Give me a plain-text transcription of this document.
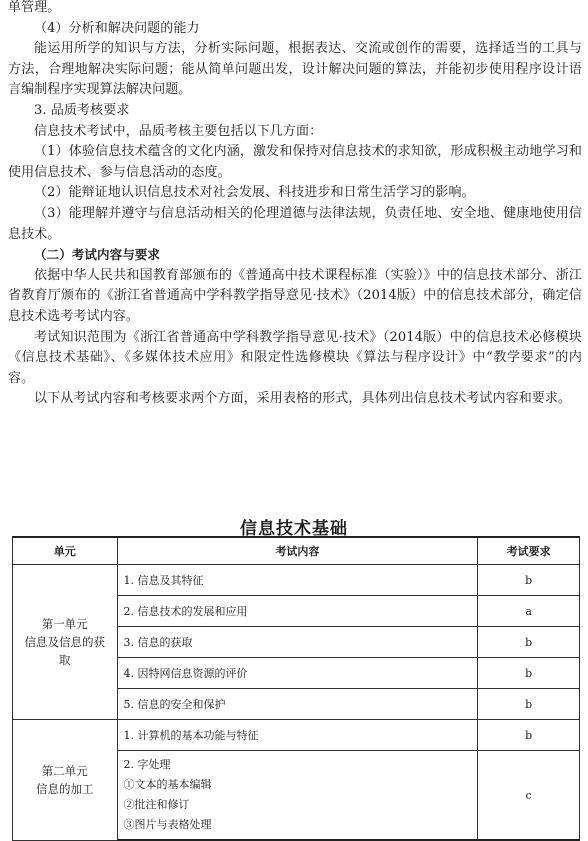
单管理。

（4）分析和解决问题的能力

能运用所学的知识与方法，分析实际问题，根据表达、交流或创作的需要，选择适当的工具与方法，合理地解决实际问题；能从简单问题出发，设计解决问题的算法，并能初步使用程序设计语言编制程序实现算法解决问题。

3. 品质考核要求

信息技术考试中，品质考核主要包括以下几方面：

（1）体验信息技术蕴含的文化内涵，激发和保持对信息技术的求知欲，形成积极主动地学习和使用信息技术、参与信息活动的态度。

（2）能辩证地认识信息技术对社会发展、科技进步和日常生活学习的影响。

（3）能理解并遵守与信息活动相关的伦理道德与法律法规，负责任地、安全地、健康地使用信息技术。

（二）考试内容与要求

依据中华人民共和国教育部颁布的《普通高中技术课程标准（实验）》中的信息技术部分、浙江省教育厅颁布的《浙江省普通高中学科教学指导意见·技术》（2014版）中的信息技术部分，确定信息技术选考考试内容。

考试知识范围为《浙江省普通高中学科教学指导意见·技术》（2014版）中的信息技术必修模块《信息技术基础》、《多媒体技术应用》和限定性选修模块《算法与程序设计》中“教学要求”的内容。

以下从考试内容和考核要求两个方面，采用表格的形式，具体列出信息技术考试内容和要求。

信息技术基础
单元	考试内容	考试要求

第一单元
信息及信息的获取	1. 信息及其特征	b
	2. 信息技术的发展和应用	a
	3. 信息的获取	b
	4. 因特网信息资源的评价	b
	5. 信息的安全和保护	b

第二单元
信息的加工	1. 计算机的基本功能与特征	b

	2. 字处理
①文本的基本编辑
②批注和修订
③图片与表格处理	c
